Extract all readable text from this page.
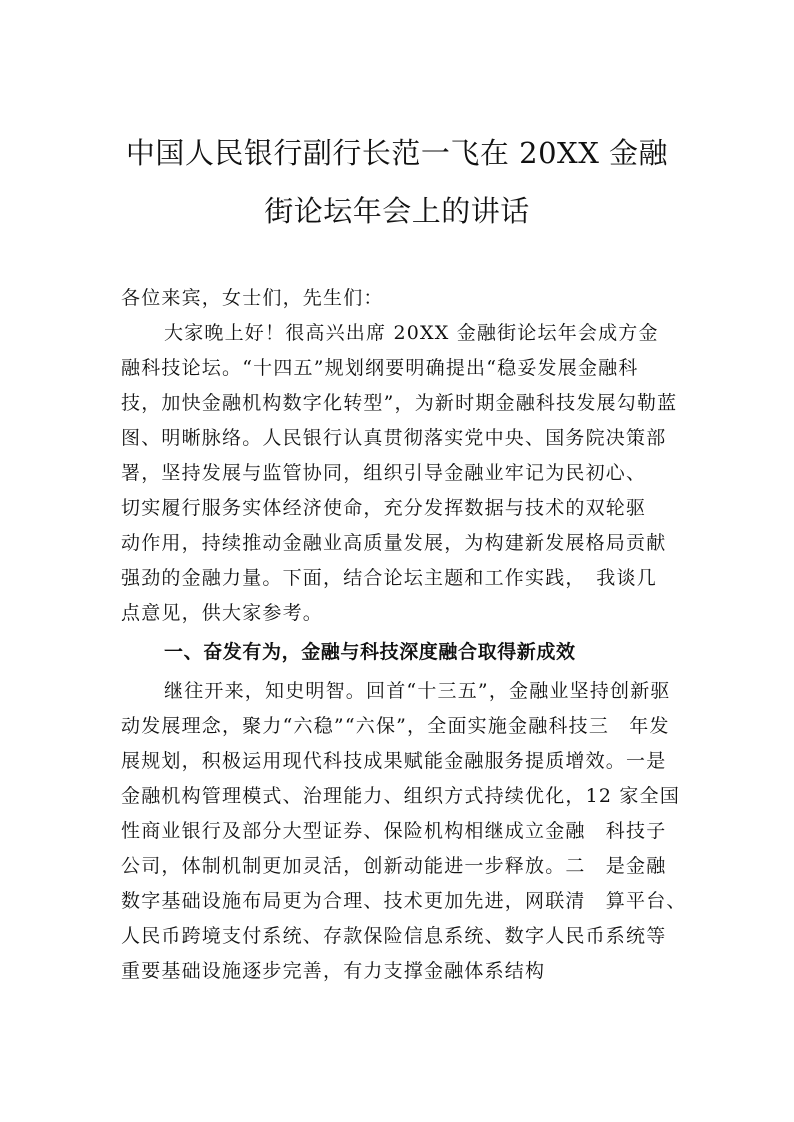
中国人民银行副行长范一飞在 20XX 金融
街论坛年会上的讲话
各位来宾，女士们，先生们：
大家晚上好！很高兴出席 20XX 金融街论坛年会成方金
融科技论坛。“十四五”规划纲要明确提出“稳妥发展金融科
技，加快金融机构数字化转型”，为新时期金融科技发展勾勒蓝
图、明晰脉络。人民银行认真贯彻落实党中央、国务院决策部
署，坚持发展与监管协同，组织引导金融业牢记为民初心、
切实履行服务实体经济使命，充分发挥数据与技术的双轮驱
动作用，持续推动金融业高质量发展，为构建新发展格局贡献
强劲的金融力量。下面，结合论坛主题和工作实践，　我谈几
点意见，供大家参考。
一、奋发有为，金融与科技深度融合取得新成效
继往开来，知史明智。回首“十三五”，金融业坚持创新驱
动发展理念，聚力“六稳”“六保”，全面实施金融科技三　年发
展规划，积极运用现代科技成果赋能金融服务提质增效。一是
金融机构管理模式、治理能力、组织方式持续优化，12 家全国
性商业银行及部分大型证券、保险机构相继成立金融　科技子
公司，体制机制更加灵活，创新动能进一步释放。二　是金融
数字基础设施布局更为合理、技术更加先进，网联清　算平台、
人民币跨境支付系统、存款保险信息系统、数字人民币系统等
重要基础设施逐步完善，有力支撑金融体系结构
